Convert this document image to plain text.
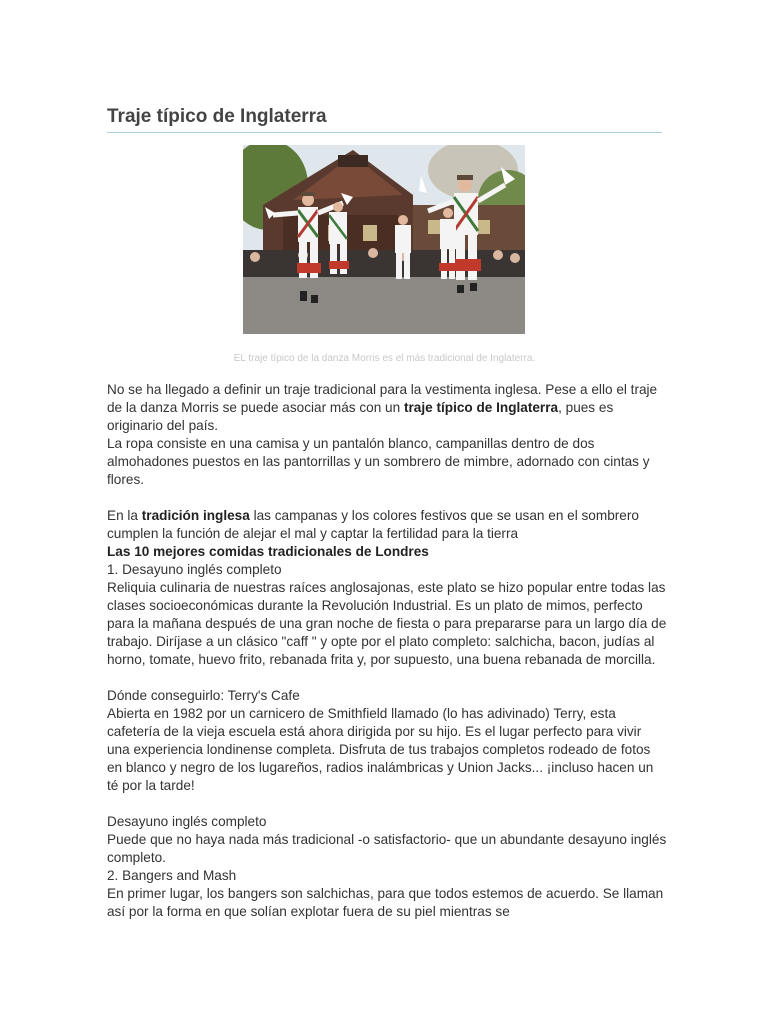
Traje típico de Inglaterra
EL traje típico de la danza Morris es el más tradicional de Inglaterra.

No se ha llegado a definir un traje tradicional para la vestimenta inglesa. Pese a ello el traje de la danza Morris se puede asociar más con un traje típico de Inglaterra, pues es originario del país.

La ropa consiste en una camisa y un pantalón blanco, campanillas dentro de dos almohadones puestos en las pantorrillas y un sombrero de mimbre, adornado con cintas y flores.

En la tradición inglesa las campanas y los colores festivos que se usan en el sombrero cumplen la función de alejar el mal y captar la fertilidad para la tierra

Las 10 mejores comidas tradicionales de Londres

1. Desayuno inglés completo

Reliquia culinaria de nuestras raíces anglosajonas, este plato se hizo popular entre todas las clases socioeconómicas durante la Revolución Industrial. Es un plato de mimos, perfecto para la mañana después de una gran noche de fiesta o para prepararse para un largo día de trabajo. Diríjase a un clásico "caff " y opte por el plato completo: salchicha, bacon, judías al horno, tomate, huevo frito, rebanada frita y, por supuesto, una buena rebanada de morcilla.

Dónde conseguirlo: Terry's Cafe

Abierta en 1982 por un carnicero de Smithfield llamado (lo has adivinado) Terry, esta cafetería de la vieja escuela está ahora dirigida por su hijo. Es el lugar perfecto para vivir una experiencia londinense completa. Disfruta de tus trabajos completos rodeado de fotos en blanco y negro de los lugareños, radios inalámbricas y Union Jacks... ¡incluso hacen un té por la tarde!

Desayuno inglés completo

Puede que no haya nada más tradicional -o satisfactorio- que un abundante desayuno inglés completo.

2. Bangers and Mash

En primer lugar, los bangers son salchichas, para que todos estemos de acuerdo. Se llaman así por la forma en que solían explotar fuera de su piel mientras se
